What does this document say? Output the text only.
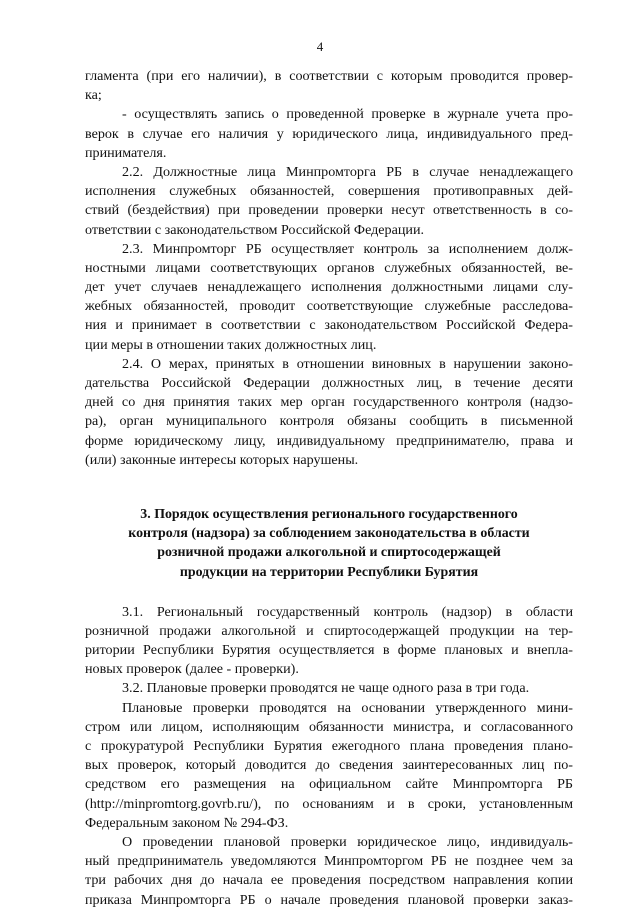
4
гламента (при его наличии), в соответствии с которым проводится провер-
ка;
- осуществлять запись о проведенной проверке в журнале учета про-
верок в случае его наличия у юридического лица, индивидуального пред-
принимателя.
2.2. Должностные лица Минпромторга РБ в случае ненадлежащего
исполнения служебных обязанностей, совершения противоправных дей-
ствий (бездействия) при проведении проверки несут ответственность в со-
ответствии с законодательством Российской Федерации.
2.3. Минпромторг РБ осуществляет контроль за исполнением долж-
ностными лицами соответствующих органов служебных обязанностей, ве-
дет учет случаев ненадлежащего исполнения должностными лицами слу-
жебных обязанностей, проводит соответствующие служебные расследова-
ния и принимает в соответствии с законодательством Российской Федера-
ции меры в отношении таких должностных лиц.
2.4. О мерах, принятых в отношении виновных в нарушении законо-
дательства Российской Федерации должностных лиц, в течение десяти
дней со дня принятия таких мер орган государственного контроля (надзо-
ра), орган муниципального контроля обязаны сообщить в письменной
форме юридическому лицу, индивидуальному предпринимателю, права и
(или) законные интересы которых нарушены.
3. Порядок осуществления регионального государственного
контроля (надзора) за соблюдением законодательства в области
розничной продажи алкогольной и спиртосодержащей
продукции на территории Республики Бурятия
3.1. Региональный государственный контроль (надзор) в области
розничной продажи алкогольной и спиртосодержащей продукции на тер-
ритории Республики Бурятия осуществляется в форме плановых и внепла-
новых проверок (далее - проверки).
3.2. Плановые проверки проводятся не чаще одного раза в три года.
Плановые проверки проводятся на основании утвержденного мини-
стром или лицом, исполняющим обязанности министра, и согласованного
с прокуратурой Республики Бурятия ежегодного плана проведения плано-
вых проверок, который доводится до сведения заинтересованных лиц по-
средством его размещения на официальном сайте Минпромторга РБ
(http://minpromtorg.govrb.ru/), по основаниям и в сроки, установленным
Федеральным законом № 294-ФЗ.
О проведении плановой проверки юридическое лицо, индивидуаль-
ный предприниматель уведомляются Минпромторгом РБ не позднее чем за
три рабочих дня до начала ее проведения посредством направления копии
приказа Минпромторга РБ о начале проведения плановой проверки заказ-
